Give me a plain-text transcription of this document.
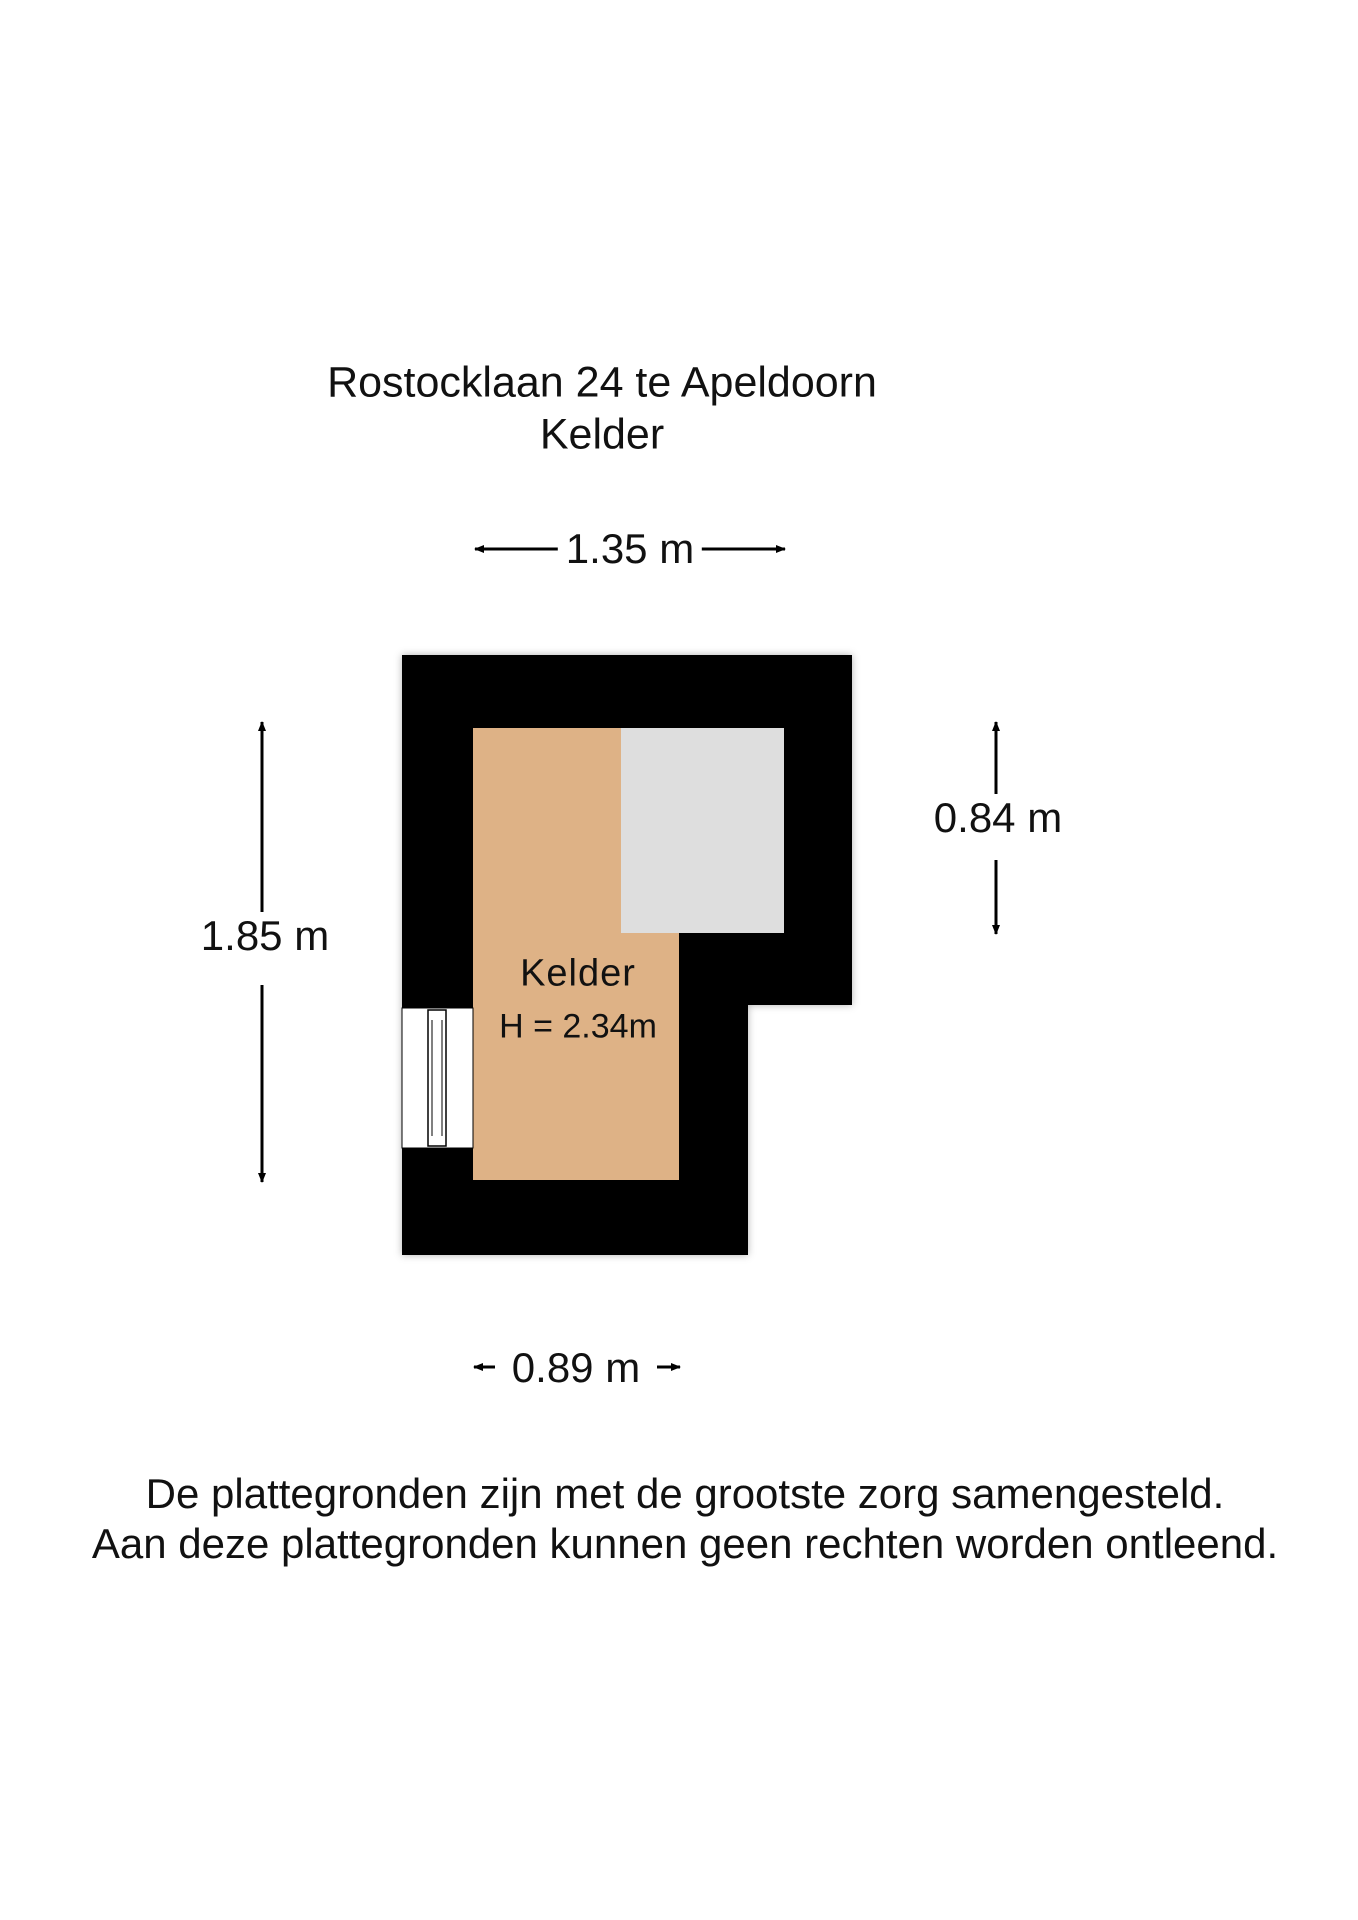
Rostocklaan 24 te Apeldoorn
Kelder
1.35 m
1.85 m
0.84 m
0.89 m
Kelder
H = 2.34m
De plattegronden zijn met de grootste zorg samengesteld.
Aan deze plattegronden kunnen geen rechten worden ontleend.
